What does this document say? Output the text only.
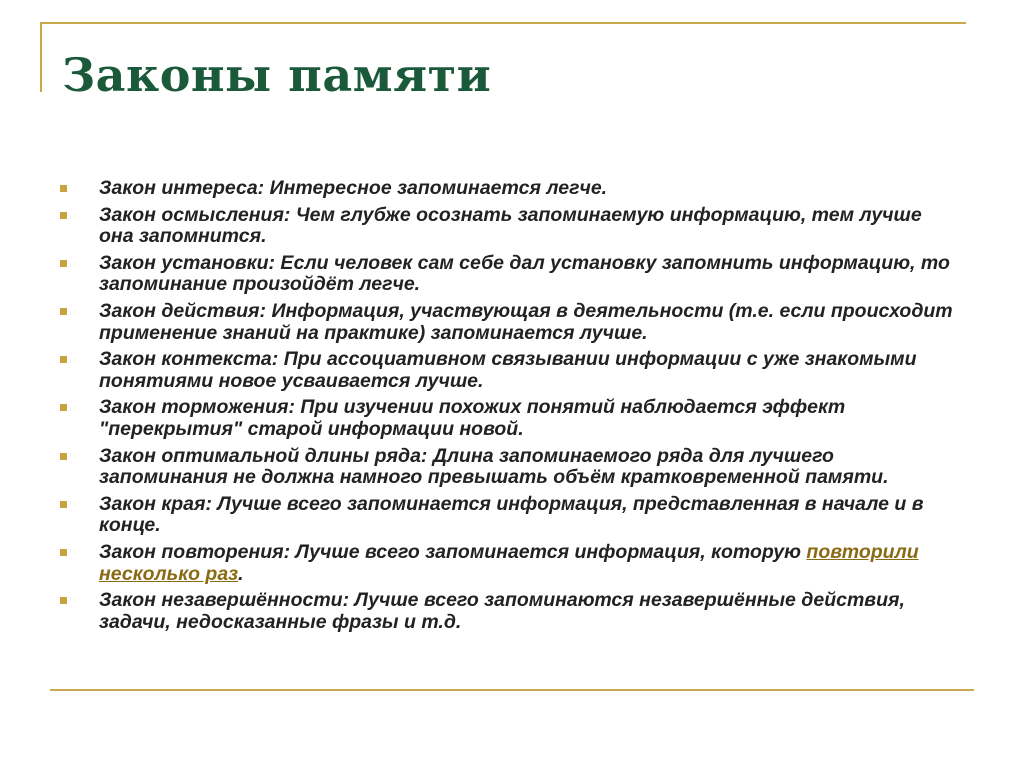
Законы памяти
Закон интереса: Интересное запоминается легче.
Закон осмысления: Чем глубже осознать запоминаемую информацию, тем лучше она запомнится.
Закон установки: Если человек сам себе дал установку запомнить информацию, то запоминание произойдёт легче.
Закон действия: Информация, участвующая в деятельности (т.е. если происходит применение знаний на практике) запоминается лучше.
Закон контекста: При ассоциативном связывании информации с уже знакомыми понятиями новое усваивается лучше.
Закон торможения: При изучении похожих понятий наблюдается эффект "перекрытия" старой информации новой.
Закон оптимальной длины ряда: Длина запоминаемого ряда для лучшего запоминания не должна намного превышать объём кратковременной памяти.
Закон края: Лучше всего запоминается информация, представленная в начале и в конце.
Закон повторения: Лучше всего запоминается информация, которую повторили несколько раз.
Закон незавершённости: Лучше всего запоминаются незавершённые действия, задачи, недосказанные фразы и т.д.
